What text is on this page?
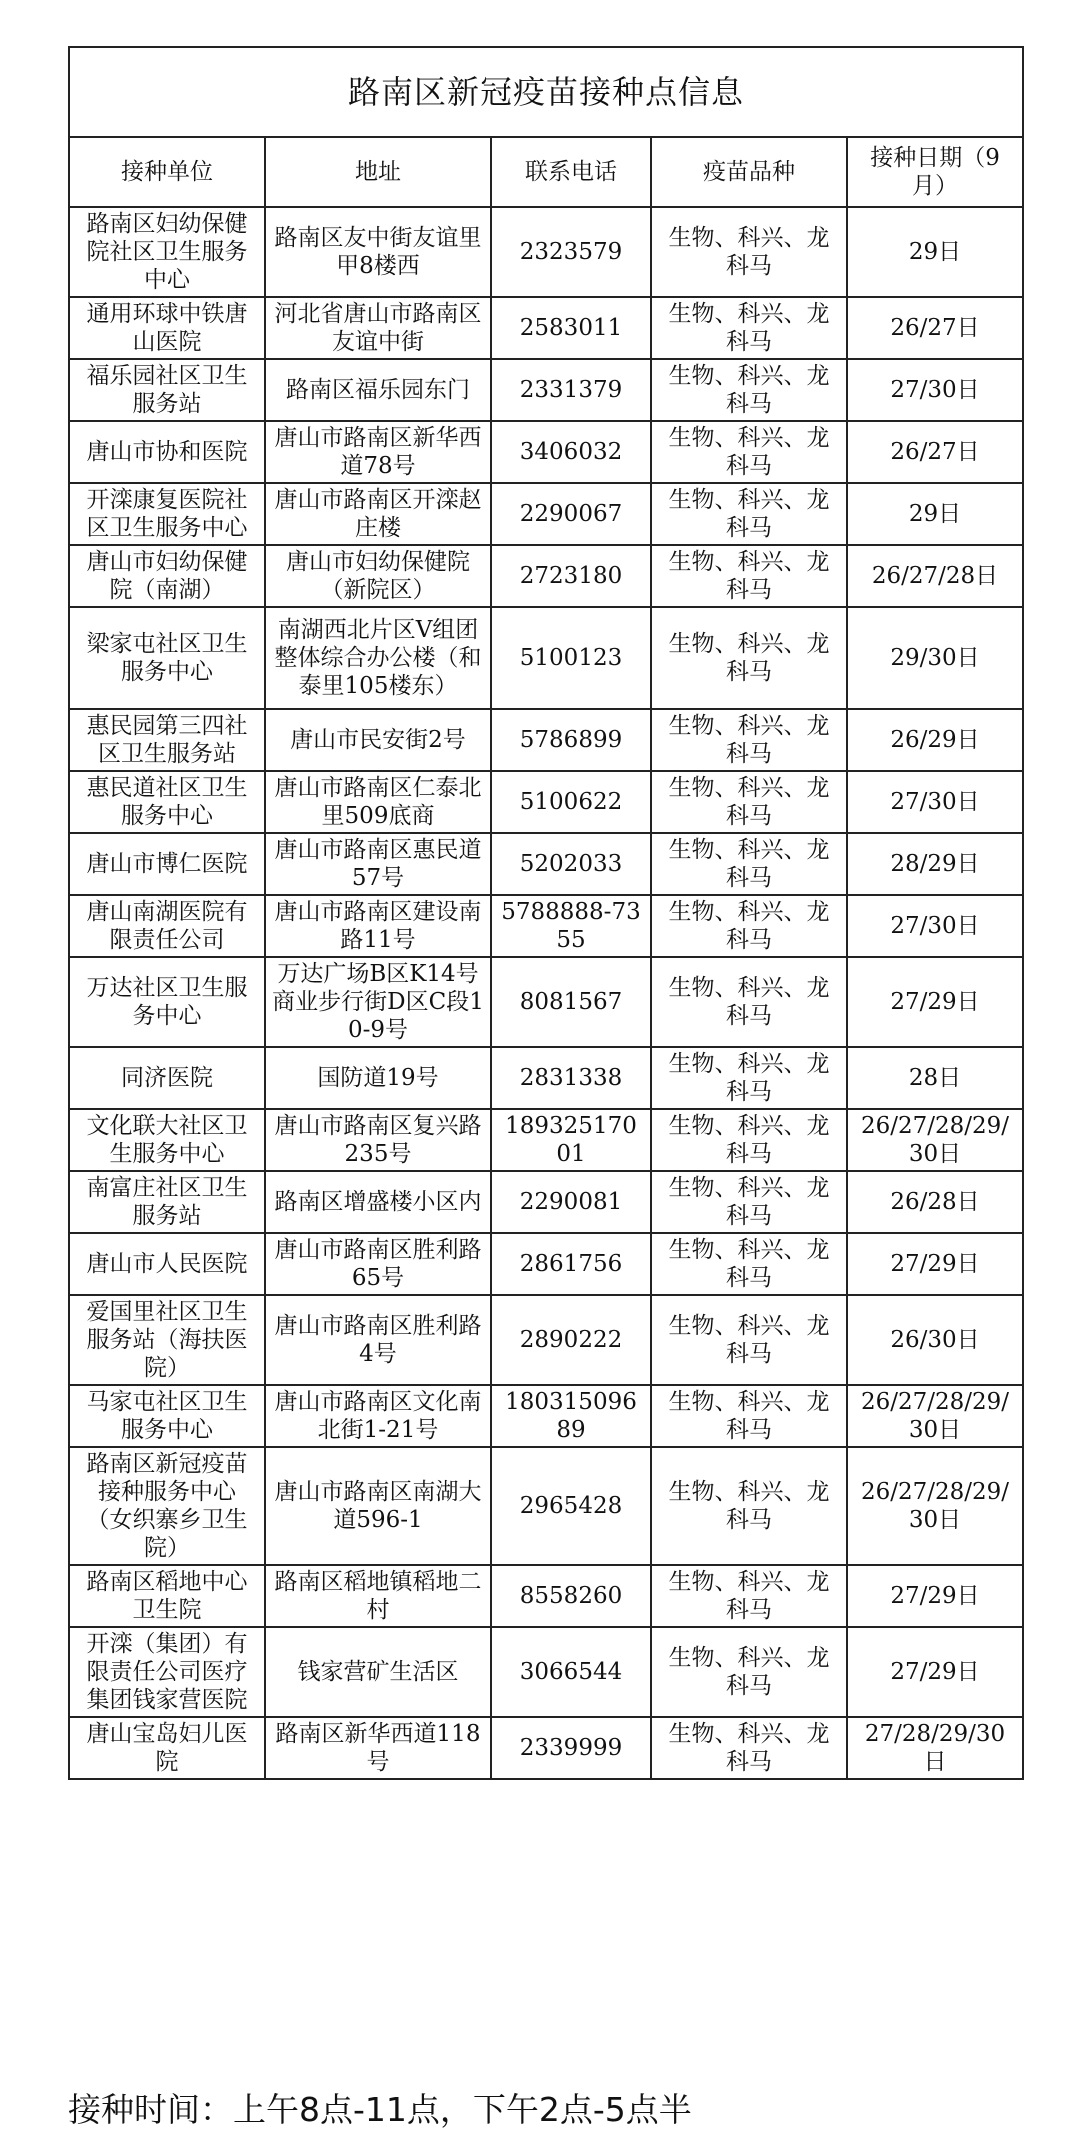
路南区新冠疫苗接种点信息				
接种单位	地址	联系电话	疫苗品种	接种日期（9月）
路南区妇幼保健院社区卫生服务中心	路南区友中街友谊里甲8楼西	2323579	生物、科兴、龙科马	29日
通用环球中铁唐山医院	河北省唐山市路南区友谊中街	2583011	生物、科兴、龙科马	26/27日
福乐园社区卫生服务站	路南区福乐园东门	2331379	生物、科兴、龙科马	27/30日
唐山市协和医院	唐山市路南区新华西道78号	3406032	生物、科兴、龙科马	26/27日
开滦康复医院社区卫生服务中心	唐山市路南区开滦赵庄楼	2290067	生物、科兴、龙科马	29日
唐山市妇幼保健院（南湖）	唐山市妇幼保健院（新院区）	2723180	生物、科兴、龙科马	26/27/28日
梁家屯社区卫生服务中心	南湖西北片区V组团整体综合办公楼（和泰里105楼东）	5100123	生物、科兴、龙科马	29/30日
惠民园第三四社区卫生服务站	唐山市民安街2号	5786899	生物、科兴、龙科马	26/29日
惠民道社区卫生服务中心	唐山市路南区仁泰北里509底商	5100622	生物、科兴、龙科马	27/30日
唐山市博仁医院	唐山市路南区惠民道57号	5202033	生物、科兴、龙科马	28/29日
唐山南湖医院有限责任公司	唐山市路南区建设南路11号	5788888-7355	生物、科兴、龙科马	27/30日
万达社区卫生服务中心	万达广场B区K14号商业步行街D区C段10-9号	8081567	生物、科兴、龙科马	27/29日
同济医院	国防道19号	2831338	生物、科兴、龙科马	28日
文化联大社区卫生服务中心	唐山市路南区复兴路235号	18932517001	生物、科兴、龙科马	26/27/28/29/30日
南富庄社区卫生服务站	路南区增盛楼小区内	2290081	生物、科兴、龙科马	26/28日
唐山市人民医院	唐山市路南区胜利路65号	2861756	生物、科兴、龙科马	27/29日
爱国里社区卫生服务站（海扶医院）	唐山市路南区胜利路4号	2890222	生物、科兴、龙科马	26/30日
马家屯社区卫生服务中心	唐山市路南区文化南北街1-21号	18031509689	生物、科兴、龙科马	26/27/28/29/30日
路南区新冠疫苗接种服务中心（女织寨乡卫生院）	唐山市路南区南湖大道596-1	2965428	生物、科兴、龙科马	26/27/28/29/30日
路南区稻地中心卫生院	路南区稻地镇稻地二村	8558260	生物、科兴、龙科马	27/29日
开滦（集团）有限责任公司医疗集团钱家营医院	钱家营矿生活区	3066544	生物、科兴、龙科马	27/29日
唐山宝岛妇儿医院	路南区新华西道118号	2339999	生物、科兴、龙科马	27/28/29/30日
接种时间：上午8点-11点，下午2点-5点半
